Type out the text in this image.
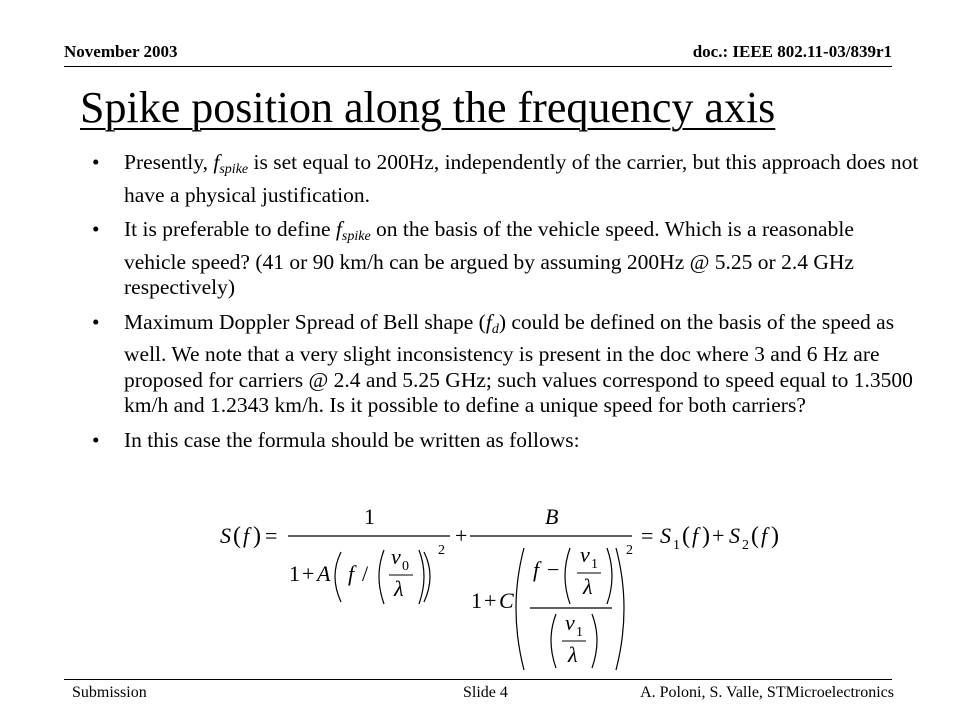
November 2003	doc.: IEEE 802.11-03/839r1
Spike position along the frequency axis
• Presently, $f_{spike}$ is set equal to 200Hz, independently of the carrier, but this approach does not have a physical justification.
• It is preferable to define $f_{spike}$ on the basis of the vehicle speed. Which is a reasonable vehicle speed? (41 or 90 km/h can be argued by assuming 200Hz @ 5.25 or 2.4 GHz respectively)
• Maximum Doppler Spread of Bell shape $(f_d)$ could be defined on the basis of the speed as well. We note that a very slight inconsistency is present in the doc where 3 and 6 Hz are proposed for carriers @ 2.4 and 5.25 GHz; such values correspond to speed equal to 1.3500 km/h and 1.2343 km/h. Is it possible to define a unique speed for both carriers?
• In this case the formula should be written as follows:
S ( f ) =
1
1 + A f /
v 0
λ
2
+
B
1 + C
f −
v 1
λ
v 1
λ
2
= S 1 ( f ) + S 2 ( f )
Submission	Slide 4	A. Poloni, S. Valle, STMicroelectronics
